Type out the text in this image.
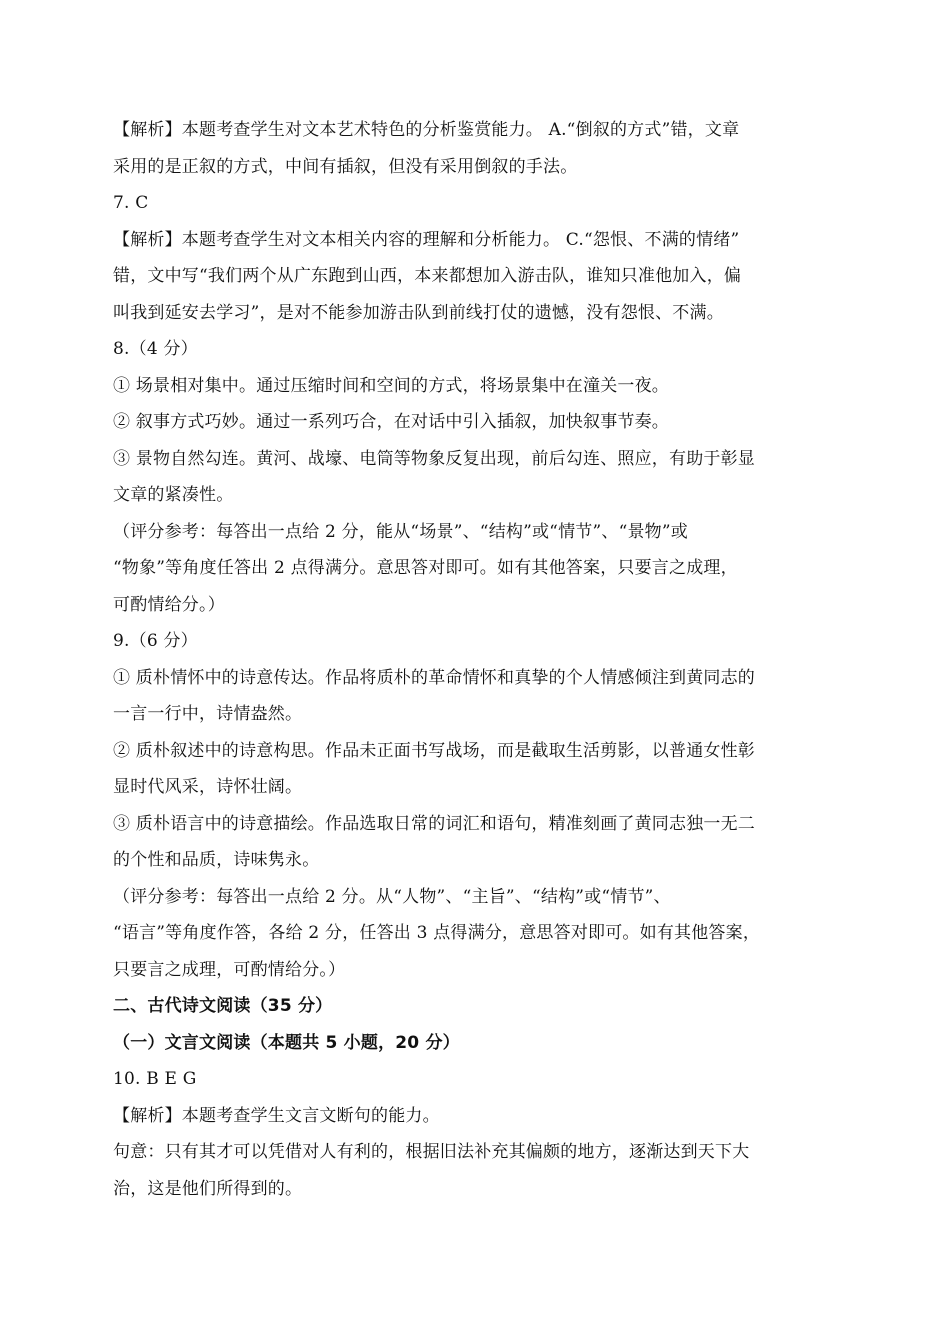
【解析】本题考查学生对文本艺术特色的分析鉴赏能力。 A.“倒叙的方式”错，文章
采用的是正叙的方式，中间有插叙，但没有采用倒叙的手法。
7. C
【解析】本题考查学生对文本相关内容的理解和分析能力。 C.“怨恨、不满的情绪”
错，文中写“我们两个从广东跑到山西，本来都想加入游击队，谁知只准他加入，偏
叫我到延安去学习”，是对不能参加游击队到前线打仗的遗憾，没有怨恨、不满。
8.（4 分）
① 场景相对集中。通过压缩时间和空间的方式，将场景集中在潼关一夜。
② 叙事方式巧妙。通过一系列巧合，在对话中引入插叙，加快叙事节奏。
③ 景物自然勾连。黄河、战壕、电筒等物象反复出现，前后勾连、照应，有助于彰显
文章的紧凑性。
（评分参考：每答出一点给 2 分，能从“场景”、“结构”或“情节”、“景物”或
“物象”等角度任答出 2 点得满分。意思答对即可。如有其他答案，只要言之成理，
可酌情给分。）
9.（6 分）
① 质朴情怀中的诗意传达。作品将质朴的革命情怀和真挚的个人情感倾注到黄同志的
一言一行中，诗情盎然。
② 质朴叙述中的诗意构思。作品未正面书写战场，而是截取生活剪影，以普通女性彰
显时代风采，诗怀壮阔。
③ 质朴语言中的诗意描绘。作品选取日常的词汇和语句，精准刻画了黄同志独一无二
的个性和品质，诗味隽永。
（评分参考：每答出一点给 2 分。从“人物”、“主旨”、“结构”或“情节”、
“语言”等角度作答，各给 2 分，任答出 3 点得满分，意思答对即可。如有其他答案，
只要言之成理，可酌情给分。）
二、古代诗文阅读（35 分）
（一）文言文阅读（本题共 5 小题，20 分）
10. B E G
【解析】本题考查学生文言文断句的能力。
句意：只有其才可以凭借对人有利的，根据旧法补充其偏颇的地方，逐渐达到天下大
治，这是他们所得到的。
